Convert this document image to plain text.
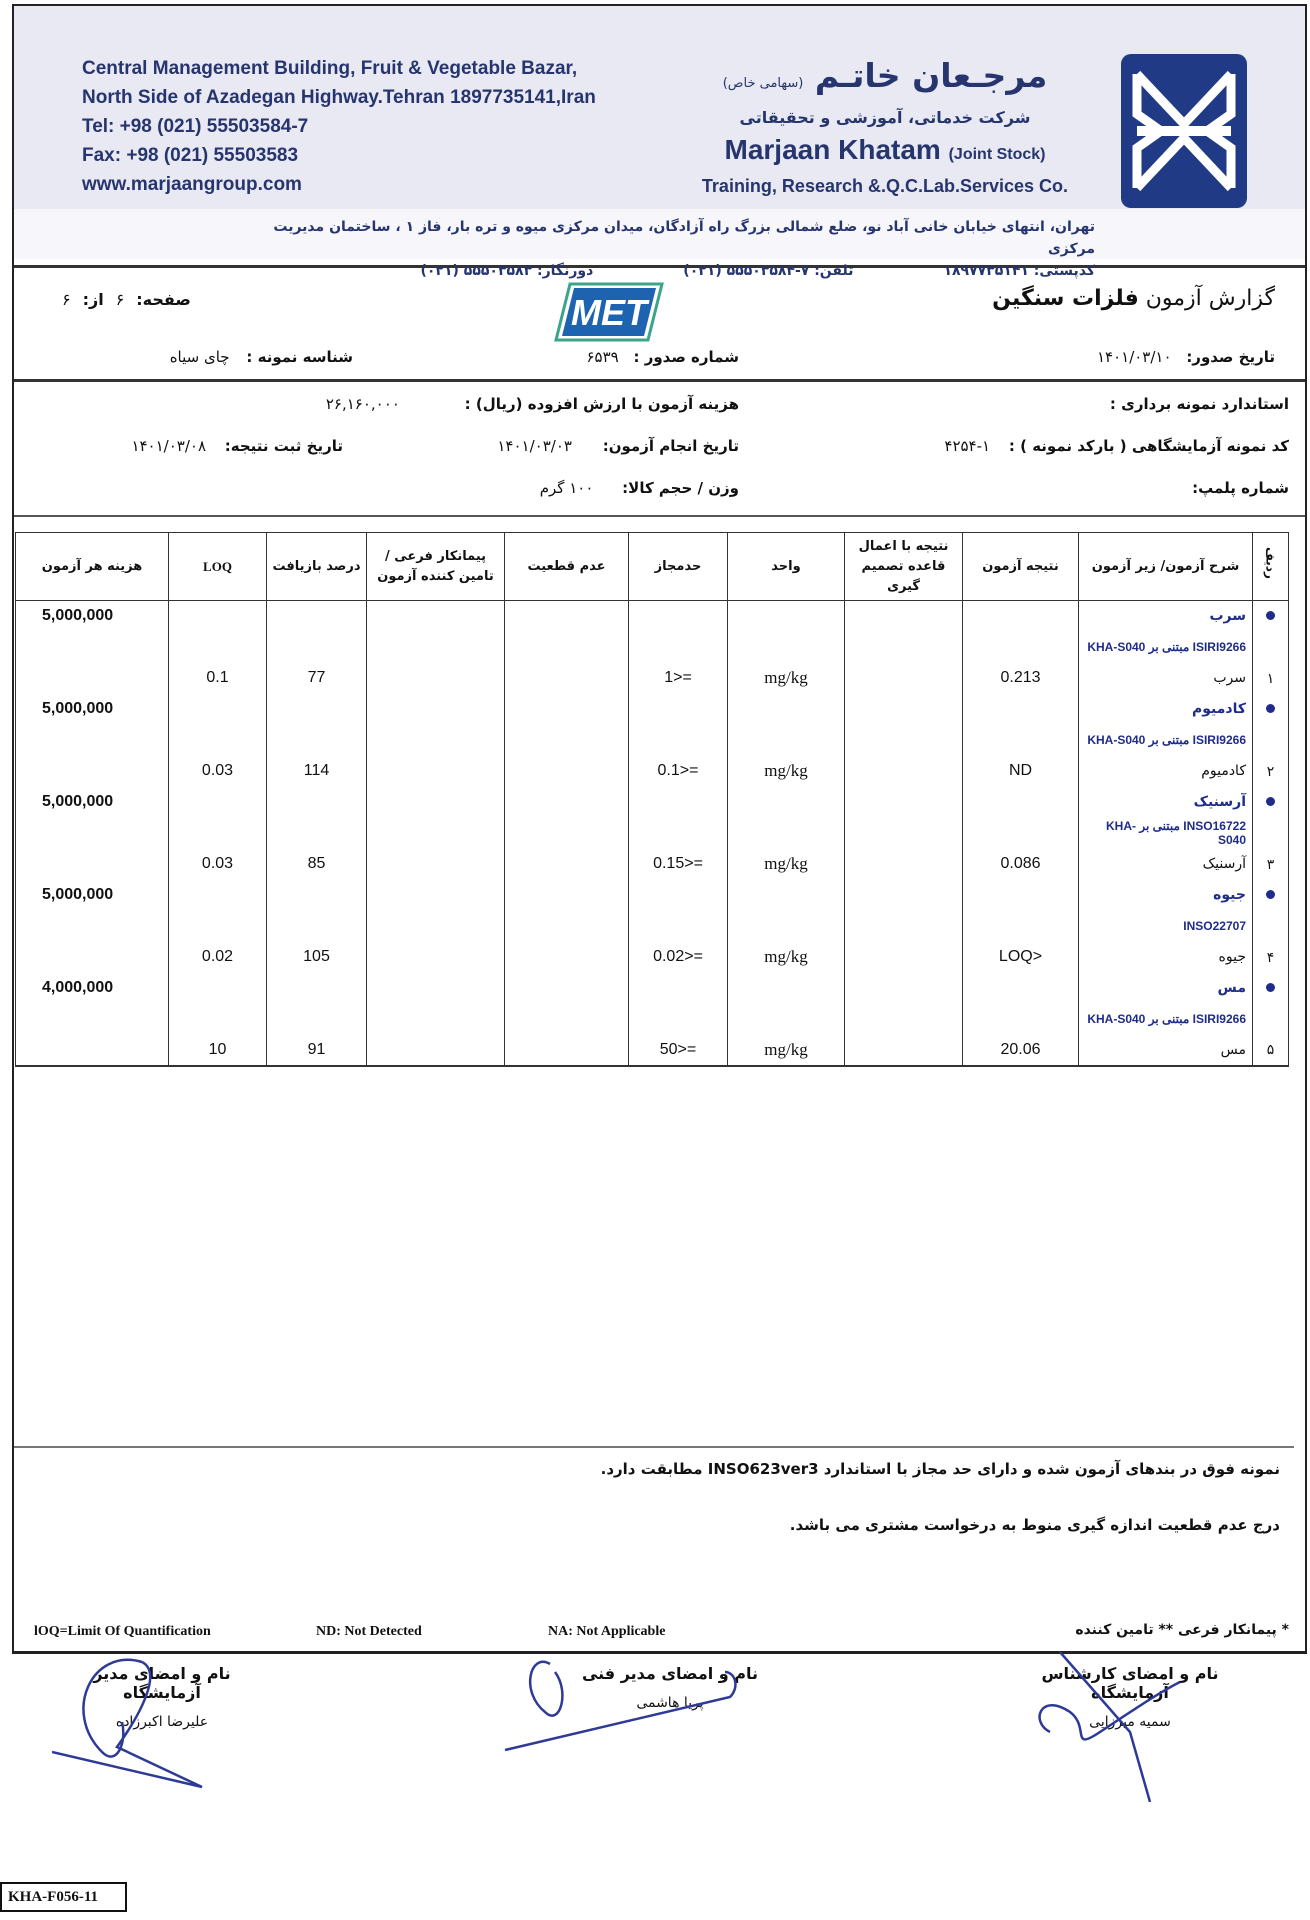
Central Management Building, Fruit & Vegetable Bazar,
North Side of Azadegan Highway.Tehran 1897735141,Iran
Tel: +98 (021) 55503584-7
Fax: +98 (021) 55503583
www.marjaangroup.com
مرجـعان خاتـم (سهامی خاص)
شرکت خدماتی، آموزشی و تحقیقاتی
Marjaan Khatam (Joint Stock)
Training, Research &.Q.C.Lab.Services Co.
تهران، انتهای خیابان خانی آباد نو، ضلع شمالی بزرگ راه آزادگان، میدان مرکزی میوه و تره بار، فاز ۱ ، ساختمان مدیریت مرکزی
کدپستی: ۱۸۹۷۷۳۵۱۴۱
تلفن: ۷-۵۵۵۰۳۵۸۴ (۰۲۱)
دورنگار: ۵۵۵۰۳۵۸۳ (۰۲۱)
گزارش آزمون فلزات سنگین
صفحه:
۶
از:
۶	MET
تاریخ صدور: ۱۴۰۱/۰۳/۱۰
شماره صدور : ۶۵۳۹
شناسه نمونه : چای سیاه
استاندارد نمونه برداری :
کد نمونه آزمایشگاهی ( بارکد نمونه ) : ۱-۴۲۵۴
شماره پلمپ:
هزینه آزمون با ارزش افزوده (ریال) : ۲۶,۱۶۰,۰۰۰
تاریخ انجام آزمون: ۱۴۰۱/۰۳/۰۳
وزن / حجم کالا: ۱۰۰ گرم
تاریخ ثبت نتیجه: ۱۴۰۱/۰۳/۰۸
ردیف	شرح آزمون/ زیر آزمون	نتیجه آزمون	نتیجه با اعمال قاعده تصمیم گیری	واحد	حدمجاز	عدم قطعیت	پیمانکار فرعی / تامین کننده آزمون	درصد بازیافت	LOQ	هزینه هر آزمون
	سرب									5,000,000
	ISIRI9266 مبتنی بر KHA-S040									
۱	سرب	0.213		mg/kg	=<1			77	0.1	
	کادمیوم									5,000,000
	ISIRI9266 مبتنی بر KHA-S040									
۲	کادمیوم	ND		mg/kg	=<0.1			114	0.03	
	آرسنیک									5,000,000
	INSO16722 مبتنی بر KHA-S040									
۳	آرسنیک	0.086		mg/kg	=<0.15			85	0.03	
	جیوه									5,000,000
	INSO22707									
۴	جیوه	<LOQ		mg/kg	=<0.02			105	0.02	
	مس									4,000,000
	ISIRI9266 مبتنی بر KHA-S040									
۵	مس	20.06		mg/kg	=<50			91	10	
نمونه فوق در بندهای آزمون شده و دارای حد مجاز با استاندارد INSO623ver3 مطابقت دارد.
درج عدم قطعیت اندازه گیری منوط به درخواست مشتری می باشد.
lOQ=Limit Of Quantification	ND: Not Detected	NA: Not Applicable	* پیمانکار فرعی ** تامین کننده
نام و امضای کارشناس آزمایشگاه
سمیه میرزایی
نام و امضای مدیر فنی
پریا هاشمی
نام و امضای مدیر آزمایشگاه
علیرضا اکبرزاده
KHA-F056-11
